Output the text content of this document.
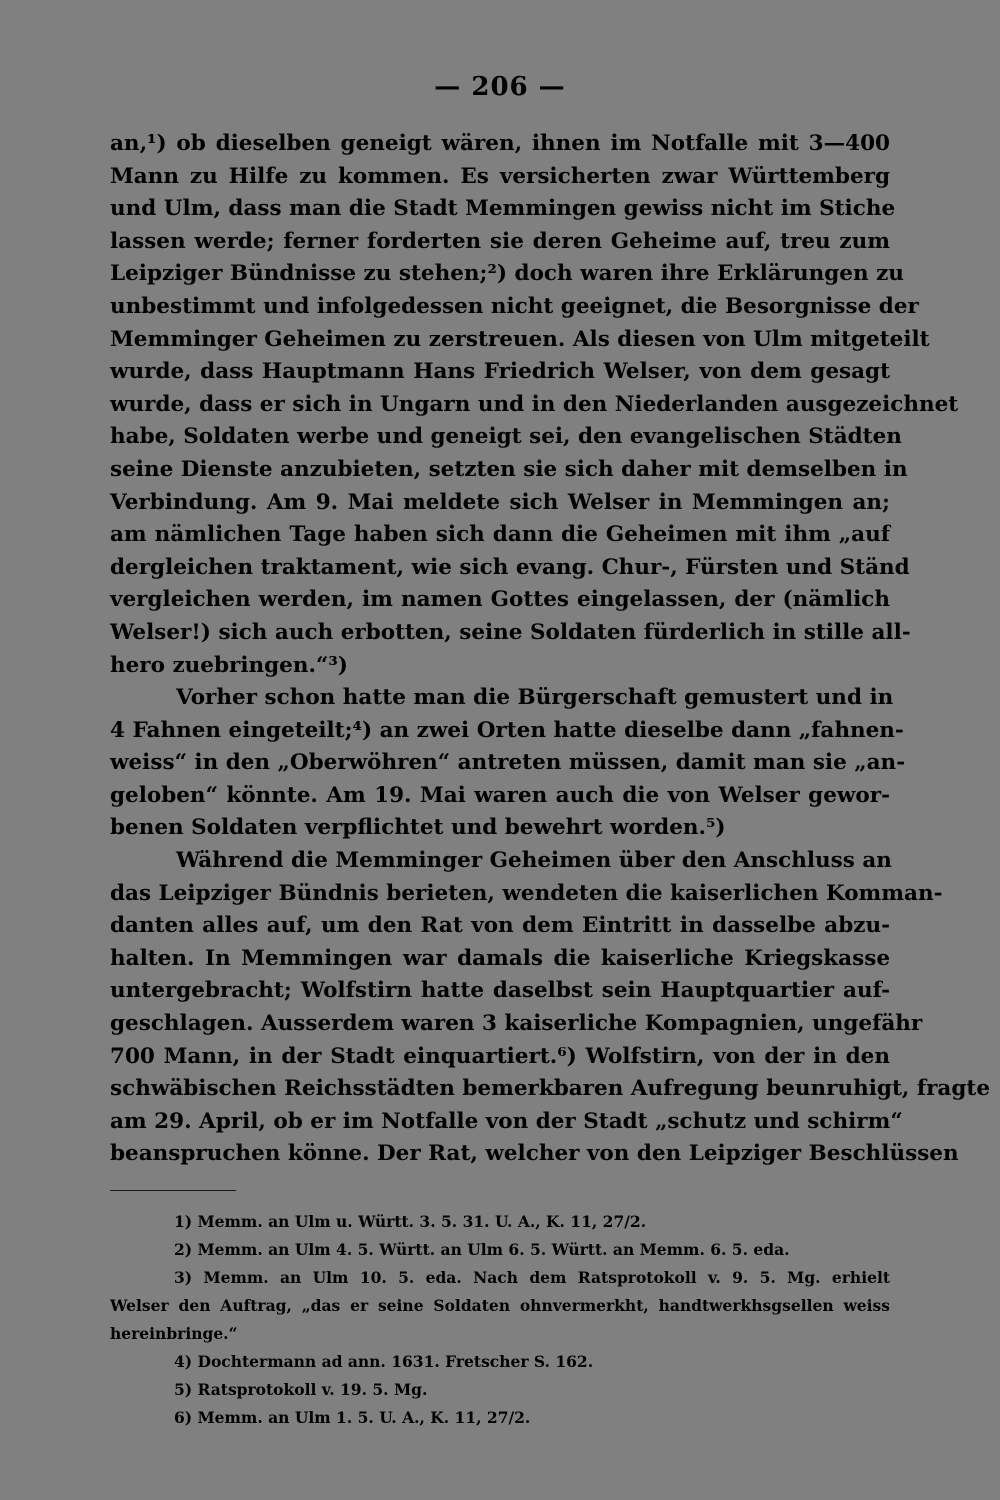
— 206 —
an,¹) ob dieselben geneigt wären, ihnen im Notfalle mit 3—400
Mann zu Hilfe zu kommen. Es versicherten zwar Württemberg
und Ulm, dass man die Stadt Memmingen gewiss nicht im Stiche
lassen werde; ferner forderten sie deren Geheime auf, treu zum
Leipziger Bündnisse zu stehen;²) doch waren ihre Erklärungen zu
unbestimmt und infolgedessen nicht geeignet, die Besorgnisse der
Memminger Geheimen zu zerstreuen. Als diesen von Ulm mitgeteilt
wurde, dass Hauptmann Hans Friedrich Welser, von dem gesagt
wurde, dass er sich in Ungarn und in den Niederlanden ausgezeichnet
habe, Soldaten werbe und geneigt sei, den evangelischen Städten
seine Dienste anzubieten, setzten sie sich daher mit demselben in
Verbindung. Am 9. Mai meldete sich Welser in Memmingen an;
am nämlichen Tage haben sich dann die Geheimen mit ihm „auf
dergleichen traktament, wie sich evang. Chur-, Fürsten und Ständ
vergleichen werden, im namen Gottes eingelassen, der (nämlich
Welser!) sich auch erbotten, seine Soldaten fürderlich in stille all-
hero zuebringen.“³)
Vorher schon hatte man die Bürgerschaft gemustert und in
4 Fahnen eingeteilt;⁴) an zwei Orten hatte dieselbe dann „fahnen-
weiss“ in den „Oberwöhren“ antreten müssen, damit man sie „an-
geloben“ könnte. Am 19. Mai waren auch die von Welser gewor-
benen Soldaten verpflichtet und bewehrt worden.⁵)
Während die Memminger Geheimen über den Anschluss an
das Leipziger Bündnis berieten, wendeten die kaiserlichen Komman-
danten alles auf, um den Rat von dem Eintritt in dasselbe abzu-
halten. In Memmingen war damals die kaiserliche Kriegskasse
untergebracht; Wolfstirn hatte daselbst sein Hauptquartier auf-
geschlagen. Ausserdem waren 3 kaiserliche Kompagnien, ungefähr
700 Mann, in der Stadt einquartiert.⁶) Wolfstirn, von der in den
schwäbischen Reichsstädten bemerkbaren Aufregung beunruhigt, fragte
am 29. April, ob er im Notfalle von der Stadt „schutz und schirm“
beanspruchen könne. Der Rat, welcher von den Leipziger Beschlüssen
1) Memm. an Ulm u. Württ. 3. 5. 31. U. A., K. 11, 27/2.
2) Memm. an Ulm 4. 5. Württ. an Ulm 6. 5. Württ. an Memm. 6. 5. eda.
3) Memm. an Ulm 10. 5. eda. Nach dem Ratsprotokoll v. 9. 5. Mg. erhielt
Welser den Auftrag, „das er seine Soldaten ohnvermerkht, handtwerkhsgsellen weiss
hereinbringe.“
4) Dochtermann ad ann. 1631. Fretscher S. 162.
5) Ratsprotokoll v. 19. 5. Mg.
6) Memm. an Ulm 1. 5. U. A., K. 11, 27/2.
